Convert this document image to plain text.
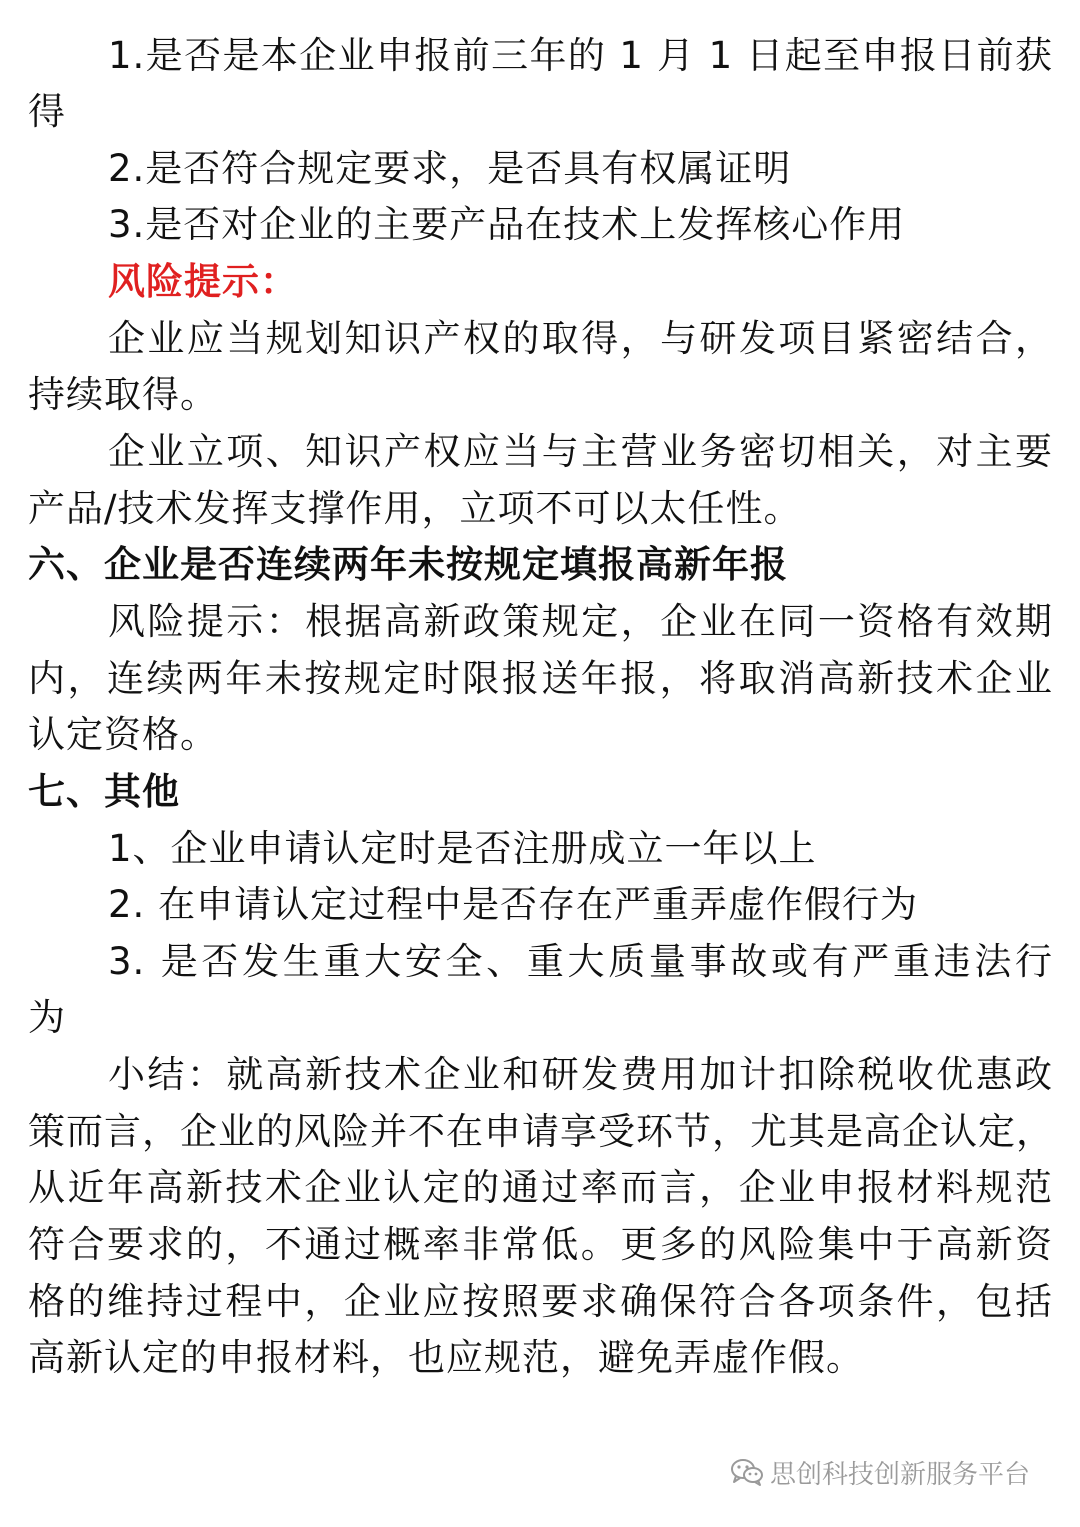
1.是否是本企业申报前三年的 1 月 1 日起至申报日前获
得
2.是否符合规定要求，是否具有权属证明
3.是否对企业的主要产品在技术上发挥核心作用
风险提示：
企业应当规划知识产权的取得，与研发项目紧密结合，
持续取得。
企业立项、知识产权应当与主营业务密切相关，对主要
产品/技术发挥支撑作用，立项不可以太任性。
六、企业是否连续两年未按规定填报高新年报
风险提示：根据高新政策规定，企业在同一资格有效期
内，连续两年未按规定时限报送年报，将取消高新技术企业
认定资格。
七、其他
1、企业申请认定时是否注册成立一年以上
2. 在申请认定过程中是否存在严重弄虚作假行为
3. 是否发生重大安全、重大质量事故或有严重违法行
为
小结：就高新技术企业和研发费用加计扣除税收优惠政
策而言，企业的风险并不在申请享受环节，尤其是高企认定，
从近年高新技术企业认定的通过率而言，企业申报材料规范
符合要求的，不通过概率非常低。更多的风险集中于高新资
格的维持过程中，企业应按照要求确保符合各项条件，包括
高新认定的申报材料，也应规范，避免弄虚作假。
思创科技创新服务平台
